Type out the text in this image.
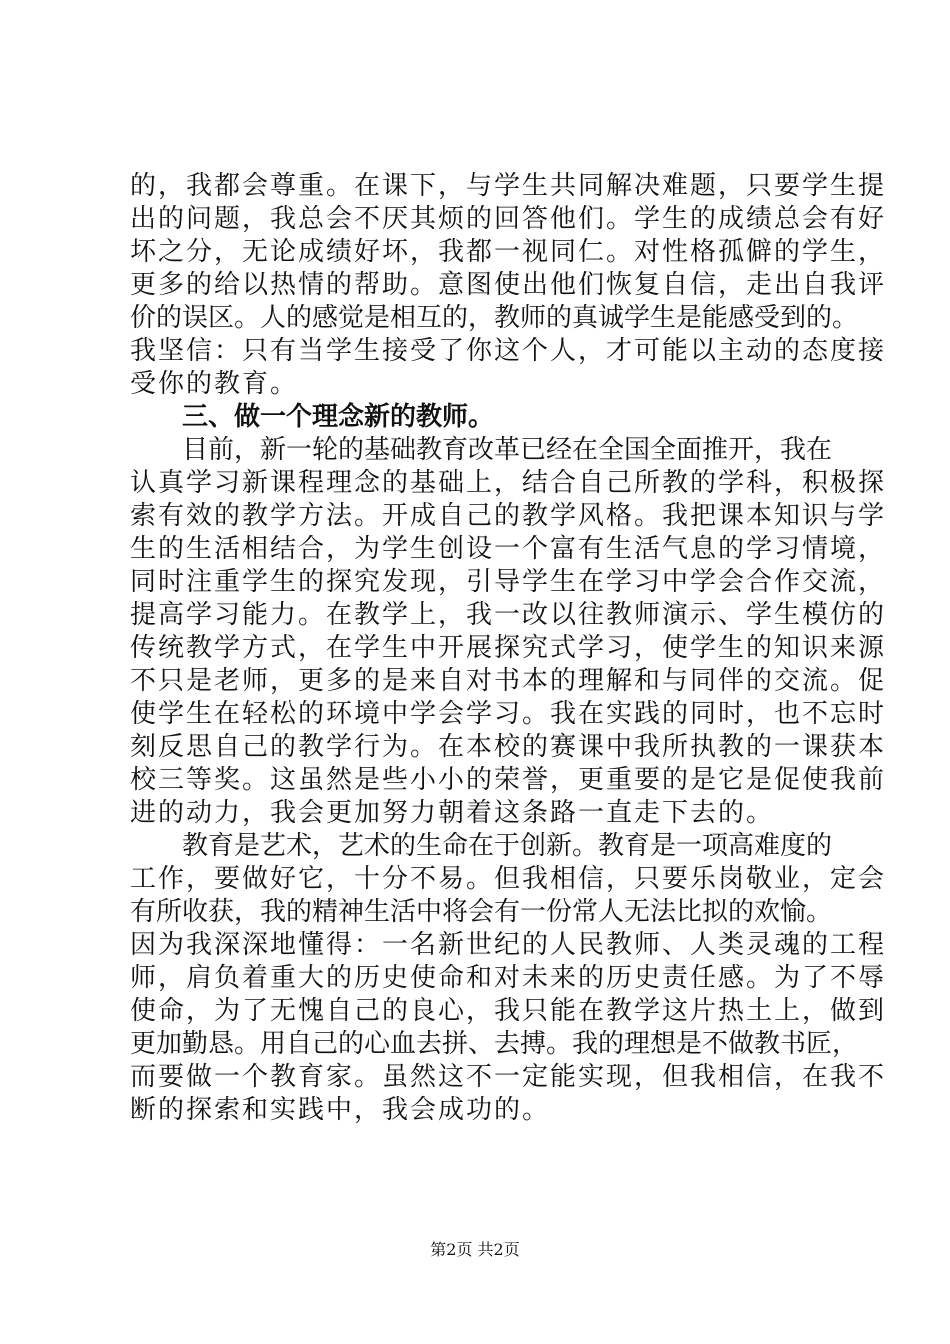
的，我都会尊重。在课下，与学生共同解决难题，只要学生提
出的问题，我总会不厌其烦的回答他们。学生的成绩总会有好
坏之分，无论成绩好坏，我都一视同仁。对性格孤僻的学生，
更多的给以热情的帮助。意图使出他们恢复自信，走出自我评
价的误区。人的感觉是相互的，教师的真诚学生是能感受到的。
我坚信：只有当学生接受了你这个人，才可能以主动的态度接
受你的教育。
三、做一个理念新的教师。
目前，新一轮的基础教育改革已经在全国全面推开，我在
认真学习新课程理念的基础上，结合自己所教的学科，积极探
索有效的教学方法。开成自己的教学风格。我把课本知识与学
生的生活相结合，为学生创设一个富有生活气息的学习情境，
同时注重学生的探究发现，引导学生在学习中学会合作交流，
提高学习能力。在教学上，我一改以往教师演示、学生模仿的
传统教学方式，在学生中开展探究式学习，使学生的知识来源
不只是老师，更多的是来自对书本的理解和与同伴的交流。促
使学生在轻松的环境中学会学习。我在实践的同时，也不忘时
刻反思自己的教学行为。在本校的赛课中我所执教的一课获本
校三等奖。这虽然是些小小的荣誉，更重要的是它是促使我前
进的动力，我会更加努力朝着这条路一直走下去的。
教育是艺术，艺术的生命在于创新。教育是一项高难度的
工作，要做好它，十分不易。但我相信，只要乐岗敬业，定会
有所收获，我的精神生活中将会有一份常人无法比拟的欢愉。
因为我深深地懂得：一名新世纪的人民教师、人类灵魂的工程
师，肩负着重大的历史使命和对未来的历史责任感。为了不辱
使命，为了无愧自己的良心，我只能在教学这片热土上，做到
更加勤恳。用自己的心血去拼、去搏。我的理想是不做教书匠，
而要做一个教育家。虽然这不一定能实现，但我相信，在我不
断的探索和实践中，我会成功的。
第2页 共2页
